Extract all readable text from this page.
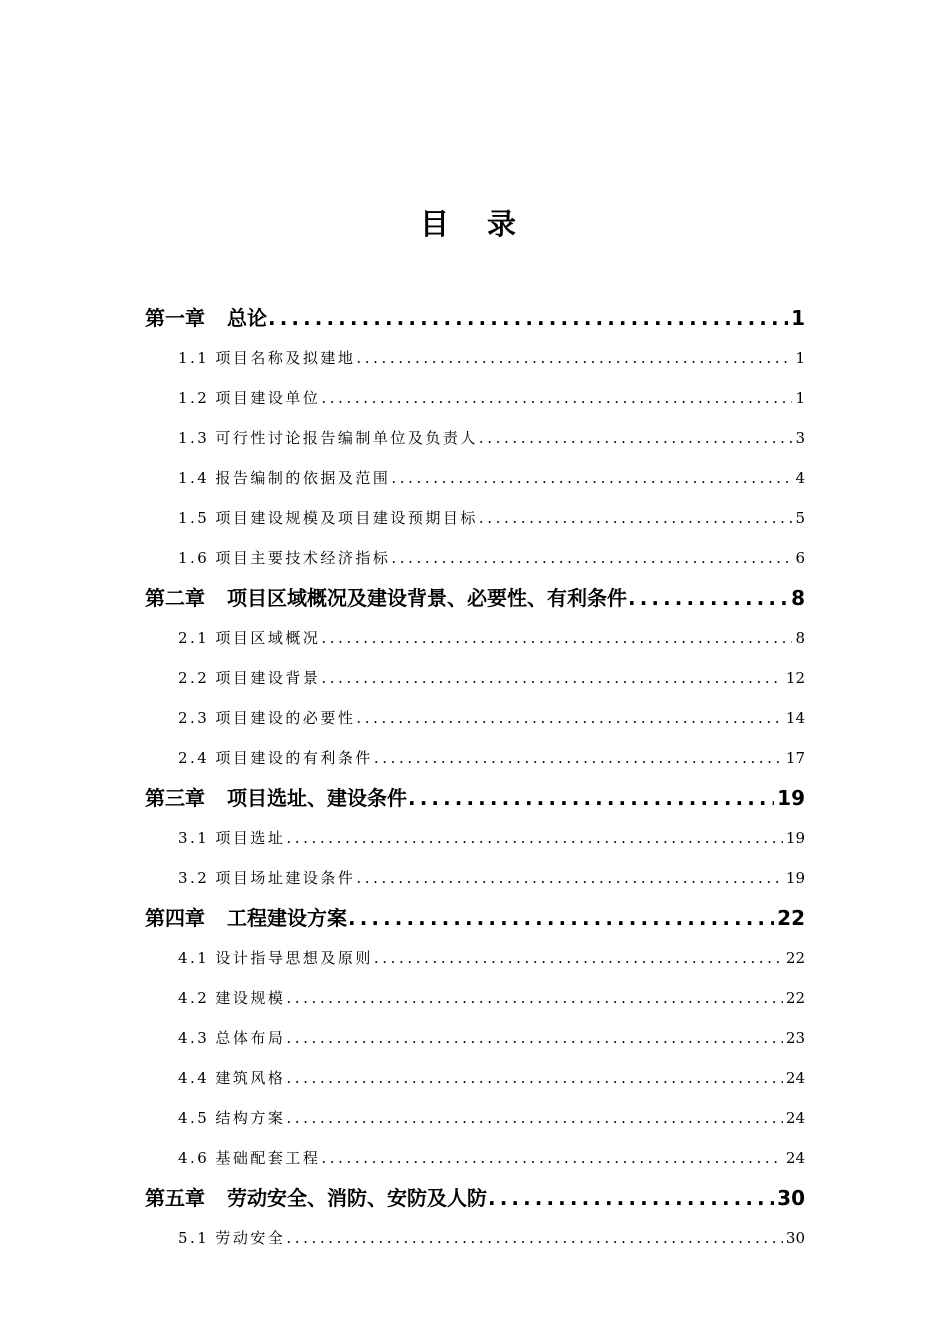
目 录
第一章 总论 .....	1
1.1 项目名称及拟建地 .....	1
1.2 项目建设单位 .....	1
1.3 可行性讨论报告编制单位及负责人 .....	3
1.4 报告编制的依据及范围 .....	4
1.5 项目建设规模及项目建设预期目标 .....	5
1.6 项目主要技术经济指标 .....	6
第二章 项目区域概况及建设背景、必要性、有利条件 .....	8
2.1 项目区域概况 .....	8
2.2 项目建设背景 .....	12
2.3 项目建设的必要性 .....	14
2.4 项目建设的有利条件 .....	17
第三章 项目选址、建设条件 .....	19
3.1 项目选址 .....	19
3.2 项目场址建设条件 .....	19
第四章 工程建设方案 .....	22
4.1 设计指导思想及原则 .....	22
4.2 建设规模 .....	22
4.3 总体布局 .....	23
4.4 建筑风格 .....	24
4.5 结构方案 .....	24
4.6 基础配套工程 .....	24
第五章 劳动安全、消防、安防及人防 .....	30
5.1 劳动安全 .....	30
